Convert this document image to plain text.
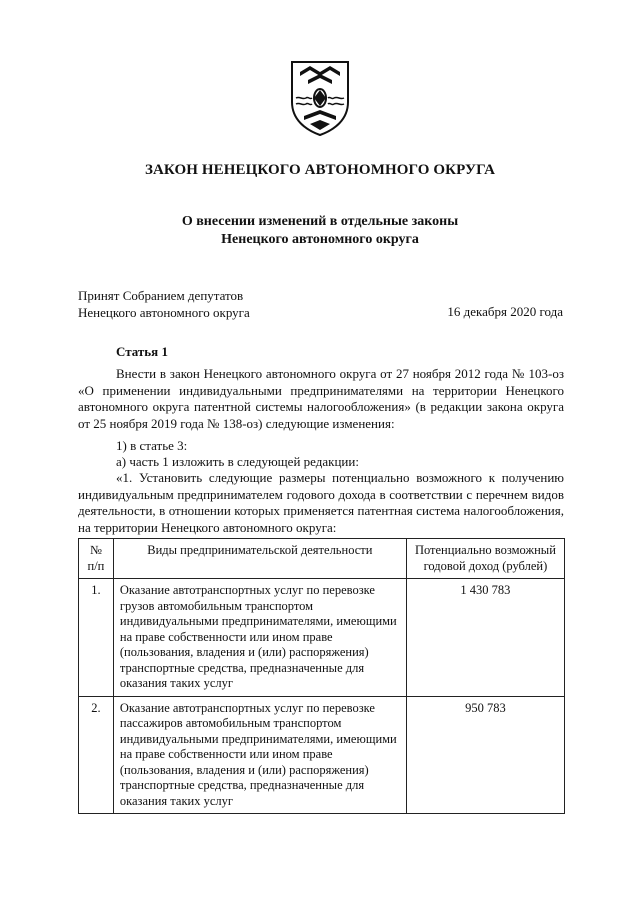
ЗАКОН НЕНЕЦКОГО АВТОНОМНОГО ОКРУГА
О внесении изменений в отдельные законы
Ненецкого автономного округа
Принят Собранием депутатов
Ненецкого автономного округа	16 декабря 2020 года
Статья 1
Внести в закон Ненецкого автономного округа от 27 ноября 2012 года № 103-оз «О применении индивидуальными предпринимателями на территории Ненецкого автономного округа патентной системы налогообложения» (в редакции закона округа от 25 ноября 2019 года № 138-оз) следующие изменения:
1) в статье 3:
а) часть 1 изложить в следующей редакции:
«1. Установить следующие размеры потенциально возможного к получению индивидуальным предпринимателем годового дохода в соответствии с перечнем видов деятельности, в отношении которых применяется патентная система налогообложения, на территории Ненецкого автономного округа:
№ п/п	Виды предпринимательской деятельности	Потенциально возможный годовой доход (рублей)
1.	Оказание автотранспортных услуг по перевозке грузов автомобильным транспортом индивидуальными предпринимателями, имеющими на праве собственности или ином праве (пользования, владения и (или) распоряжения) транспортные средства, предназначенные для оказания таких услуг	1 430 783
2.	Оказание автотранспортных услуг по перевозке пассажиров автомобильным транспортом индивидуальными предпринимателями, имеющими на праве собственности или ином праве (пользования, владения и (или) распоряжения) транспортные средства, предназначенные для оказания таких услуг	950 783
